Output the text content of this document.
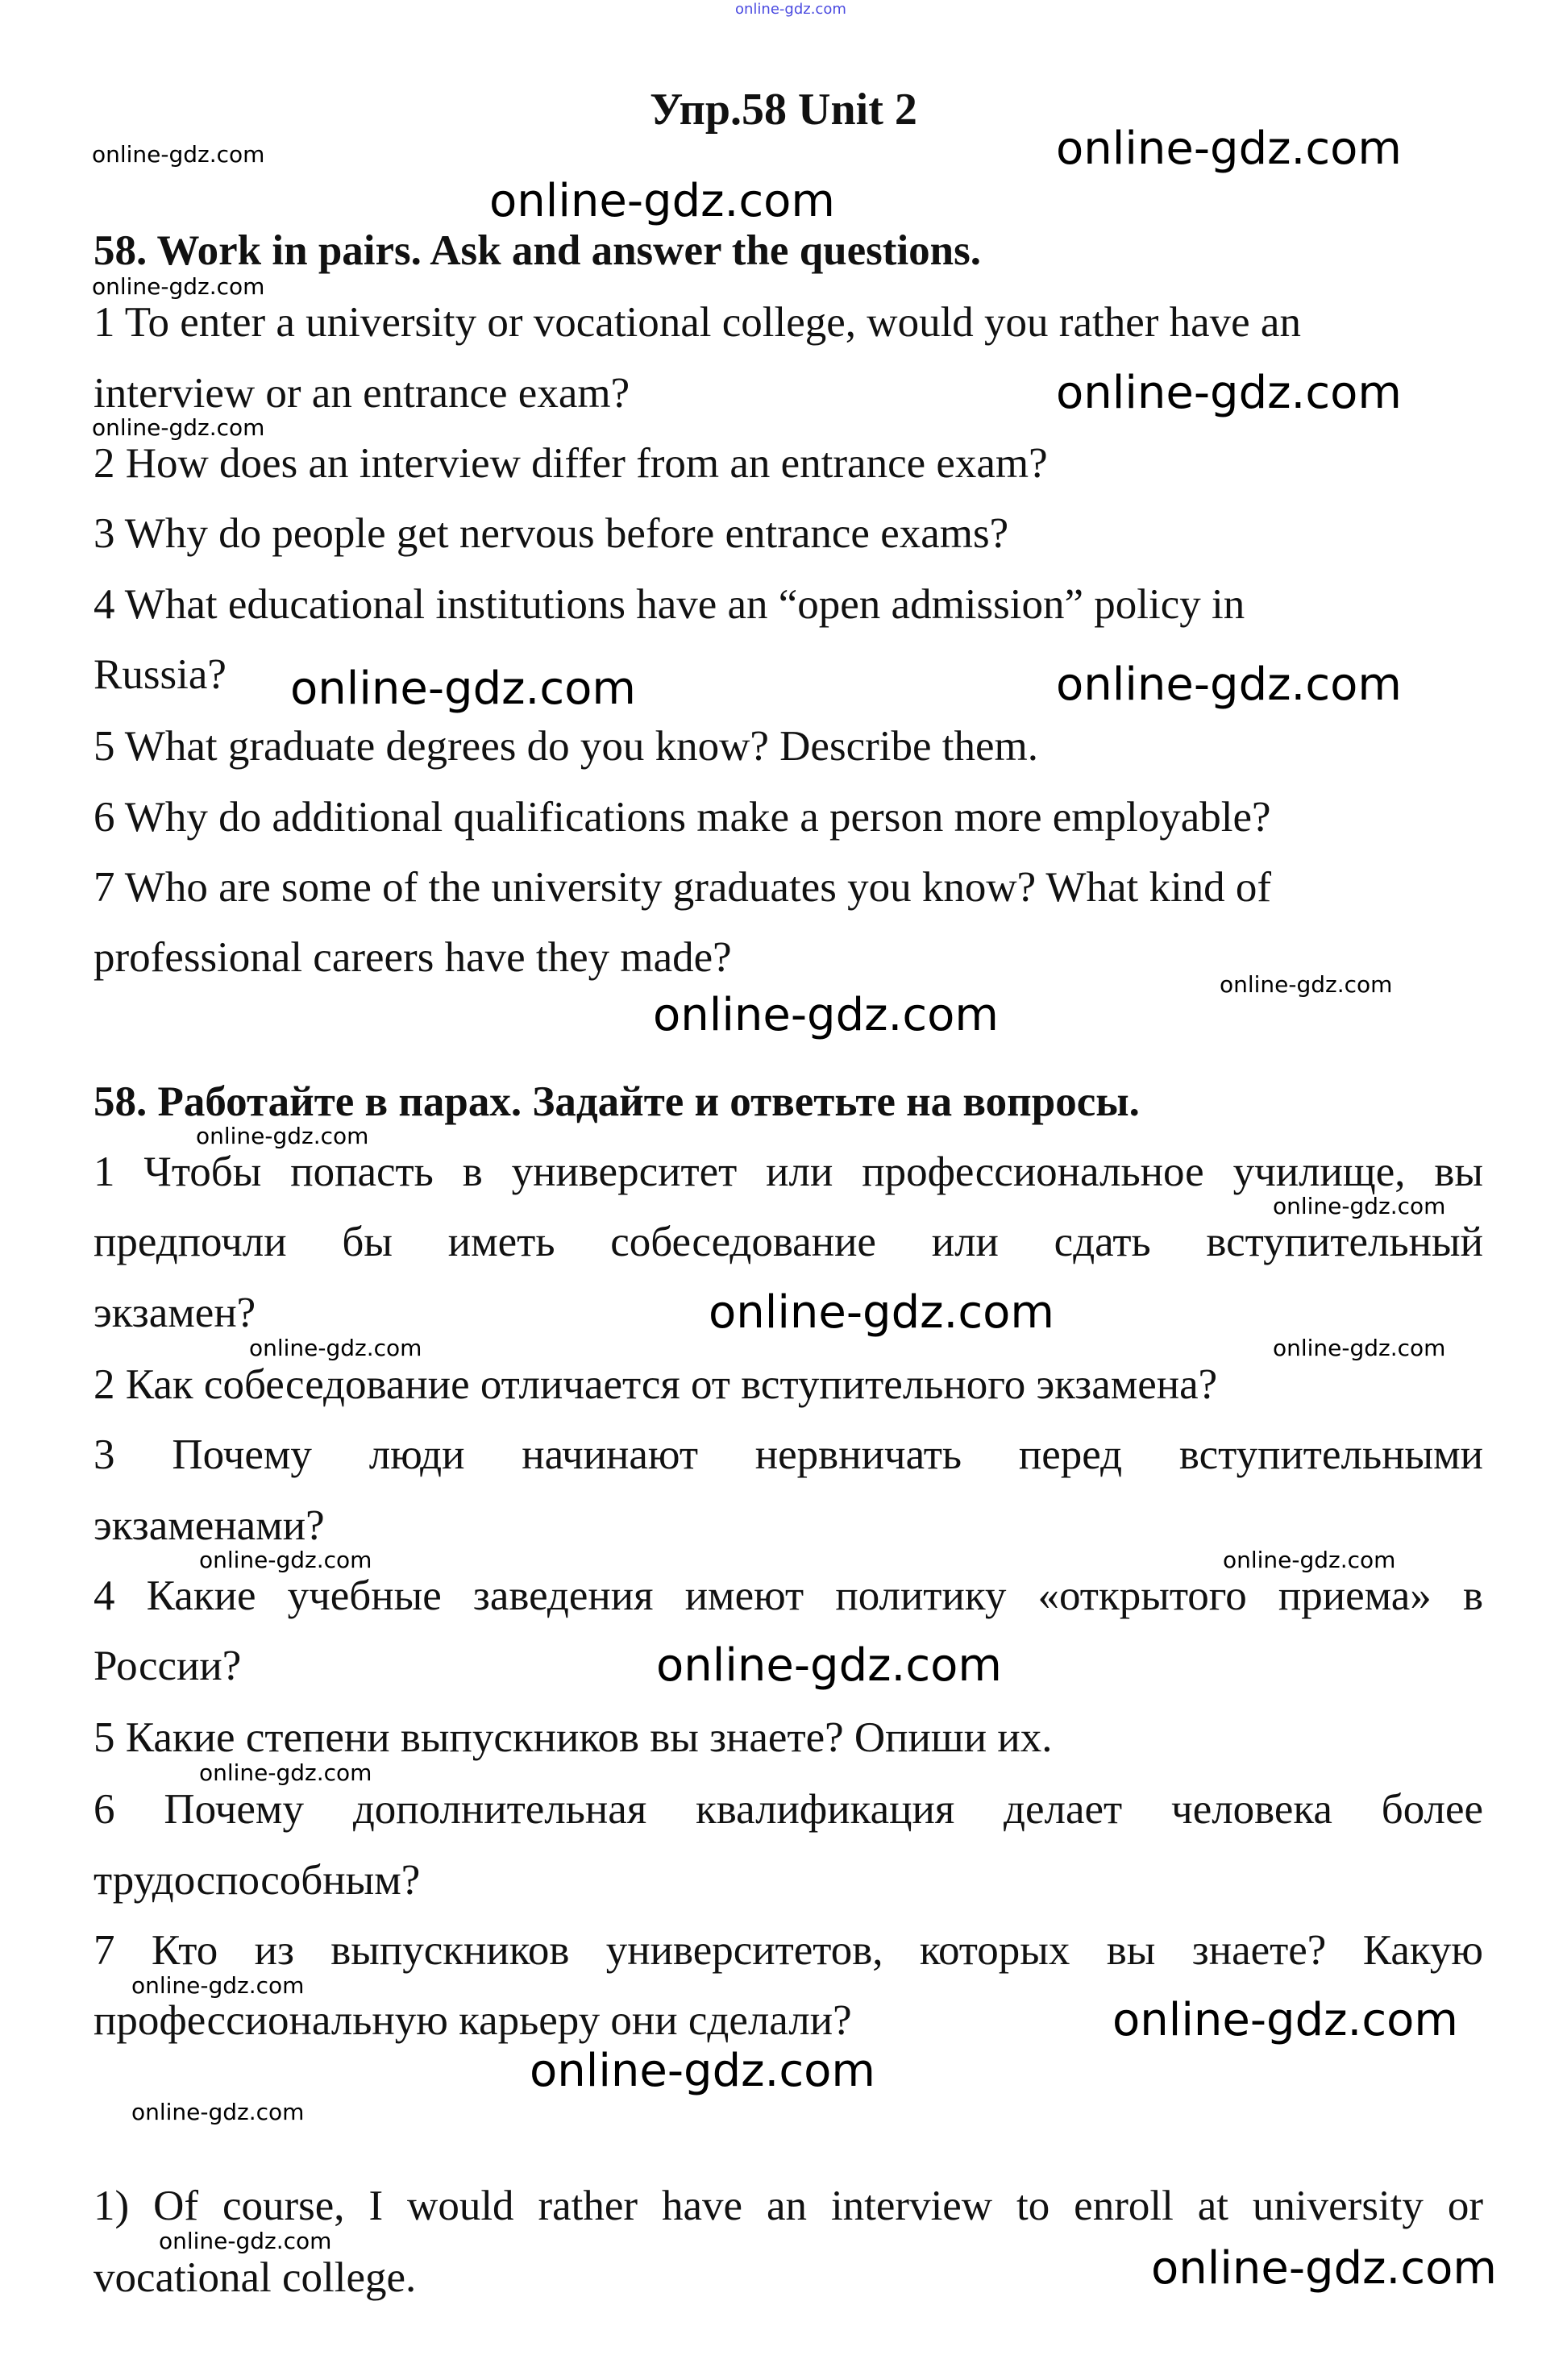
Упр.58 Unit 2
58. Work in pairs. Ask and answer the questions.
1 To enter a university or vocational college, would you rather have an
interview or an entrance exam?
2 How does an interview differ from an entrance exam?
3 Why do people get nervous before entrance exams?
4 What educational institutions have an “open admission” policy in
Russia?
5 What graduate degrees do you know? Describe them.
6 Why do additional qualifications make a person more employable?
7 Who are some of the university graduates you know? What kind of
professional careers have they made?
58. Работайте в парах. Задайте и ответьте на вопросы.
1 Чтобы попасть в университет или профессиональное училище, вы
предпочли бы иметь собеседование или сдать вступительный
экзамен?
2 Как собеседование отличается от вступительного экзамена?
3 Почему люди начинают нервничать перед вступительными
экзаменами?
4 Какие учебные заведения имеют политику «открытого приема» в
России?
5 Какие степени выпускников вы знаете? Опиши их.
6 Почему дополнительная квалификация делает человека более
трудоспособным?
7 Кто из выпускников университетов, которых вы знаете? Какую
профессиональную карьеру они сделали?
1) Of course, I would rather have an interview to enroll at university or
vocational college.
online-gdz.com
online-gdz.com	online-gdz.com
online-gdz.com
online-gdz.com
online-gdz.com
online-gdz.com
online-gdz.com	online-gdz.com
online-gdz.com
online-gdz.com
online-gdz.com
online-gdz.com
online-gdz.com
online-gdz.com	online-gdz.com
online-gdz.com	online-gdz.com
online-gdz.com
online-gdz.com
online-gdz.com
online-gdz.com
online-gdz.com
online-gdz.com
online-gdz.com
online-gdz.com
